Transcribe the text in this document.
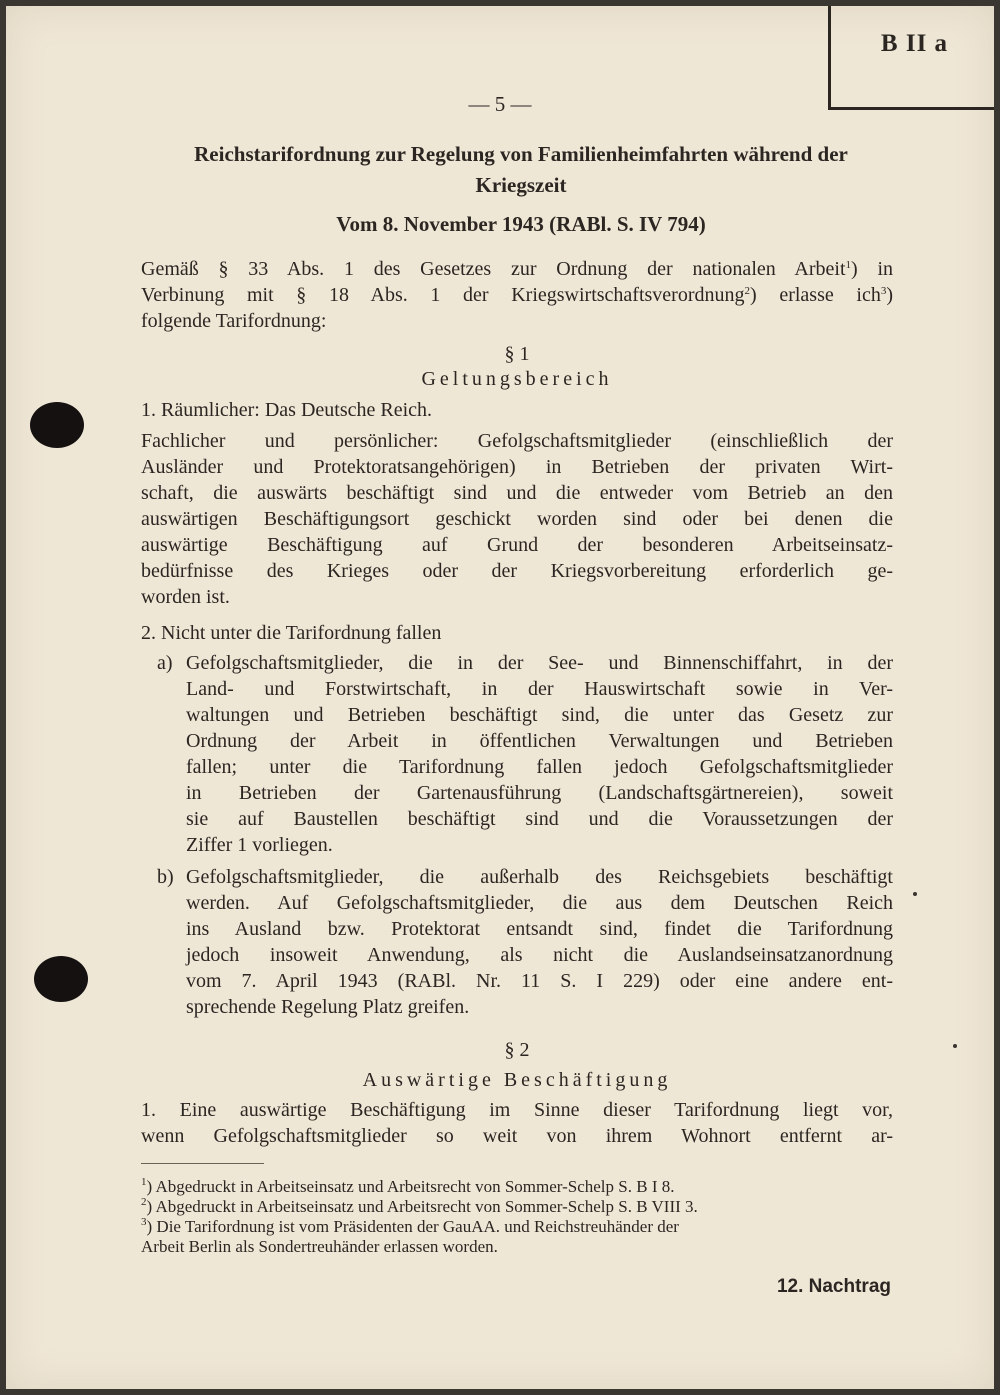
B II a
— 5 —
Reichstarifordnung zur Regelung von Familienheimfahrten während der
Kriegszeit
Vom 8. November 1943 (RABl. S. IV 794)
Gemäß § 33 Abs. 1 des Gesetzes zur Ordnung der nationalen Arbeit$^1$) in
Verbinung mit § 18 Abs. 1 der Kriegswirtschaftsverordnung$^2$) erlasse ich$^3$)
folgende Tarifordnung:
§ 1
Geltungsbereich
1. Räumlicher: Das Deutsche Reich.
Fachlicher und persönlicher: Gefolgschaftsmitglieder (einschließlich der
Ausländer und Protektoratsangehörigen) in Betrieben der privaten Wirt-
schaft, die auswärts beschäftigt sind und die entweder vom Betrieb an den
auswärtigen Beschäftigungsort geschickt worden sind oder bei denen die
auswärtige Beschäftigung auf Grund der besonderen Arbeitseinsatz-
bedürfnisse des Krieges oder der Kriegsvorbereitung erforderlich ge-
worden ist.
2. Nicht unter die Tarifordnung fallen
a) Gefolgschaftsmitglieder, die in der See- und Binnenschiffahrt, in der
Land- und Forstwirtschaft, in der Hauswirtschaft sowie in Ver-
waltungen und Betrieben beschäftigt sind, die unter das Gesetz zur
Ordnung der Arbeit in öffentlichen Verwaltungen und Betrieben
fallen; unter die Tarifordnung fallen jedoch Gefolgschaftsmitglieder
in Betrieben der Gartenausführung (Landschaftsgärtnereien), soweit
sie auf Baustellen beschäftigt sind und die Voraussetzungen der
Ziffer 1 vorliegen.
b) Gefolgschaftsmitglieder, die außerhalb des Reichsgebiets beschäftigt
werden. Auf Gefolgschaftsmitglieder, die aus dem Deutschen Reich
ins Ausland bzw. Protektorat entsandt sind, findet die Tarifordnung
jedoch insoweit Anwendung, als nicht die Auslandseinsatzanordnung
vom 7. April 1943 (RABl. Nr. 11 S. I 229) oder eine andere ent-
sprechende Regelung Platz greifen.
§ 2
Auswärtige Beschäftigung
1. Eine auswärtige Beschäftigung im Sinne dieser Tarifordnung liegt vor,
wenn Gefolgschaftsmitglieder so weit von ihrem Wohnort entfernt ar-
$^1$) Abgedruckt in Arbeitseinsatz und Arbeitsrecht von Sommer-Schelp S. B I 8.
$^2$) Abgedruckt in Arbeitseinsatz und Arbeitsrecht von Sommer-Schelp S. B VIII 3.
$^3$) Die Tarifordnung ist vom Präsidenten der GauAA. und Reichstreuhänder der
Arbeit Berlin als Sondertreuhänder erlassen worden.
12. Nachtrag
